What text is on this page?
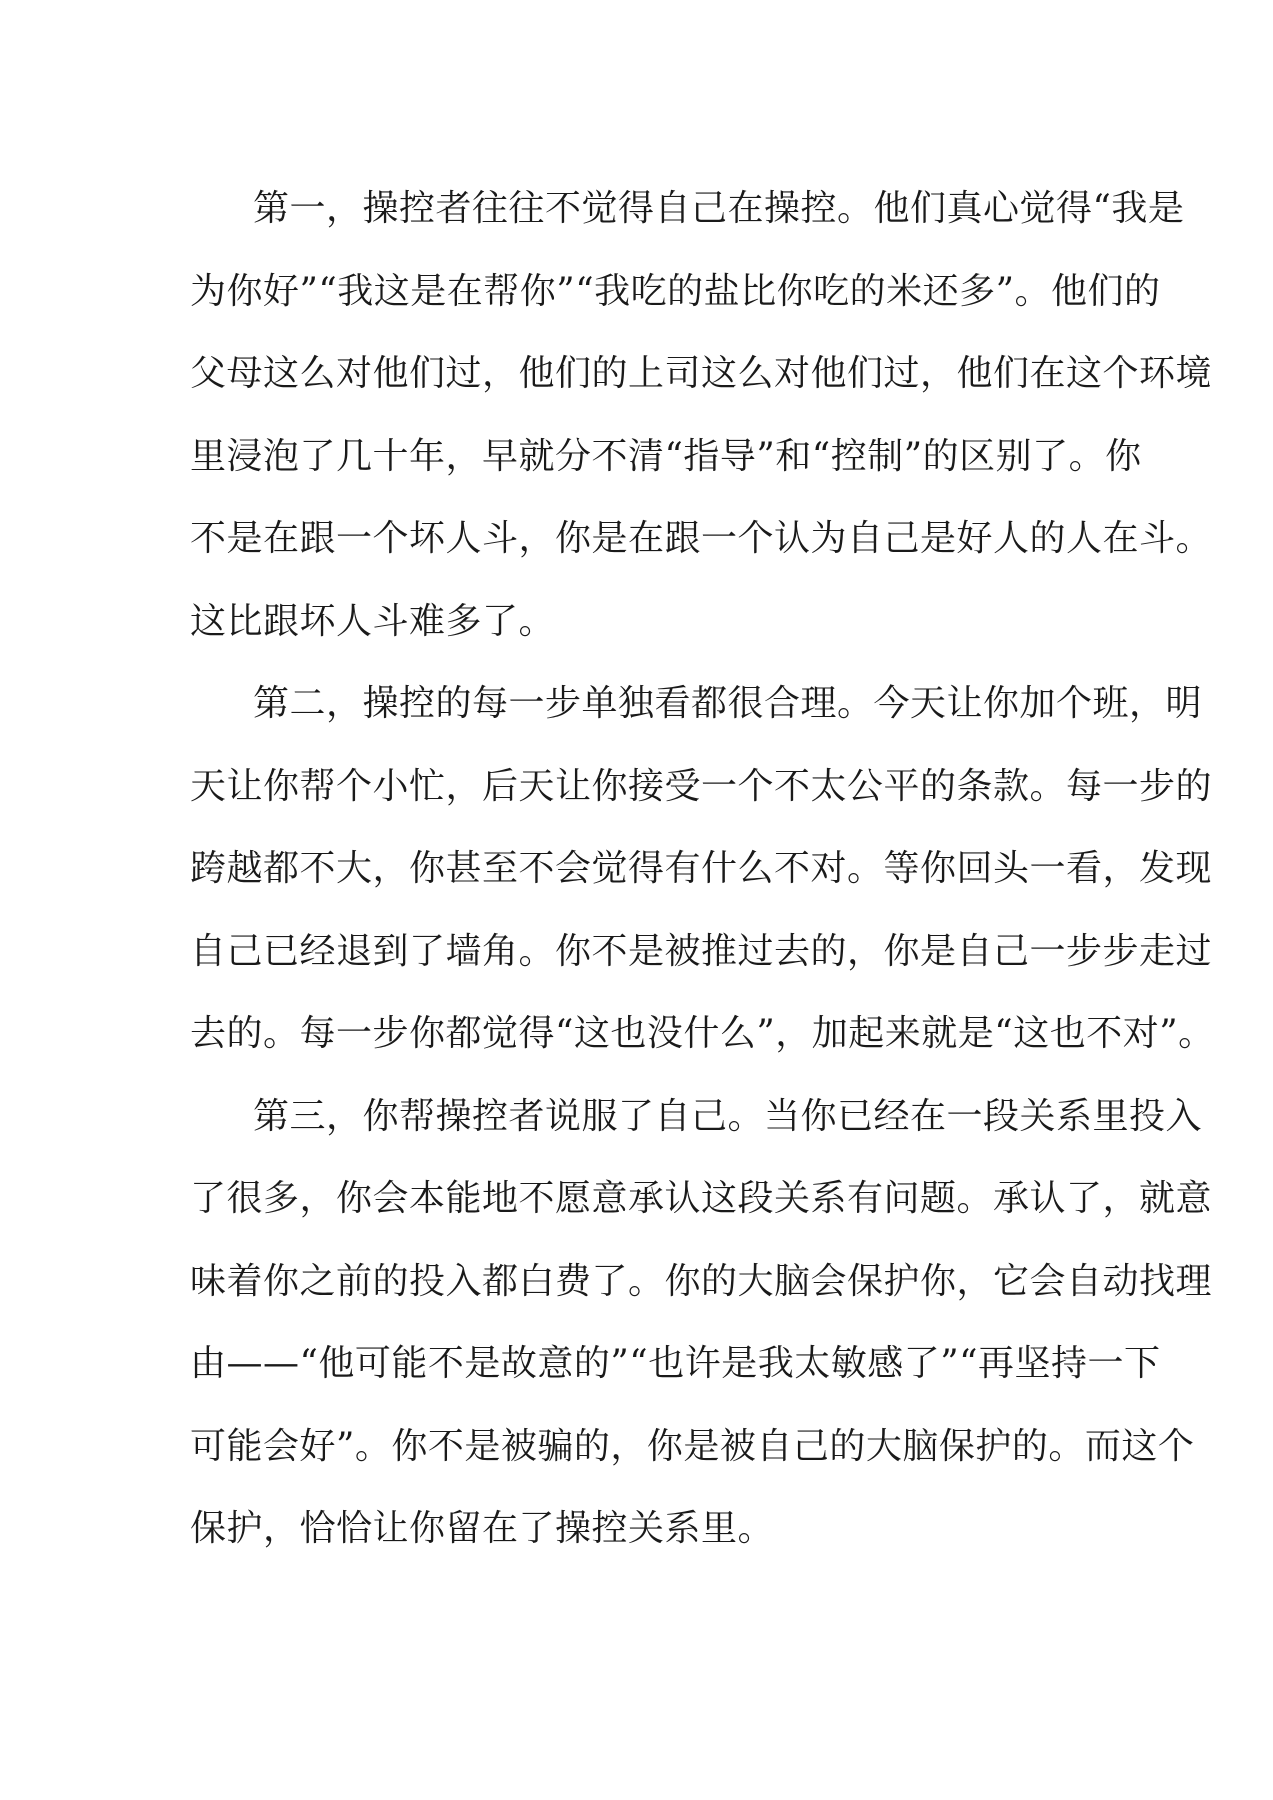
第一，操控者往往不觉得自己在操控。他们真心觉得“我是
为你好”“我这是在帮你”“我吃的盐比你吃的米还多”。他们的
父母这么对他们过，他们的上司这么对他们过，他们在这个环境
里浸泡了几十年，早就分不清“指导”和“控制”的区别了。你
不是在跟一个坏人斗，你是在跟一个认为自己是好人的人在斗。
这比跟坏人斗难多了。
第二，操控的每一步单独看都很合理。今天让你加个班，明
天让你帮个小忙，后天让你接受一个不太公平的条款。每一步的
跨越都不大，你甚至不会觉得有什么不对。等你回头一看，发现
自己已经退到了墙角。你不是被推过去的，你是自己一步步走过
去的。每一步你都觉得“这也没什么”，加起来就是“这也不对”。
第三，你帮操控者说服了自己。当你已经在一段关系里投入
了很多，你会本能地不愿意承认这段关系有问题。承认了，就意
味着你之前的投入都白费了。你的大脑会保护你，它会自动找理
由——“他可能不是故意的”“也许是我太敏感了”“再坚持一下
可能会好”。你不是被骗的，你是被自己的大脑保护的。而这个
保护，恰恰让你留在了操控关系里。
